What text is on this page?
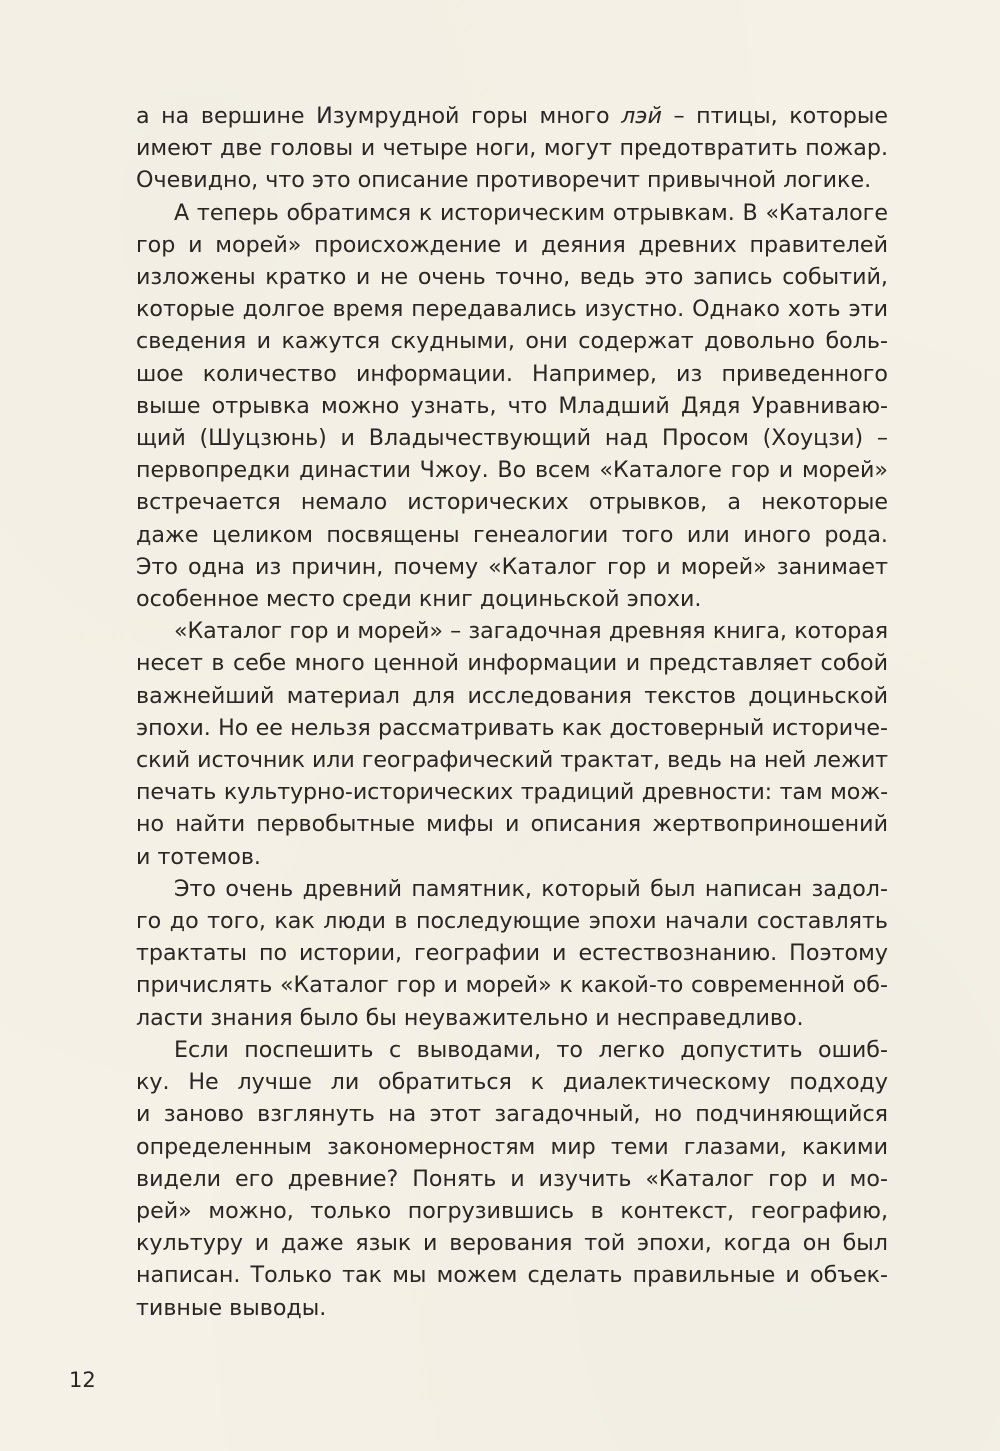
а на вершине Изумрудной горы много лэй – птицы, которые
имеют две головы и четыре ноги, могут предотвратить пожар.
Очевидно, что это описание противоречит привычной логике.
А теперь обратимся к историческим отрывкам. В «Каталоге
гор и морей» происхождение и деяния древних правителей
изложены кратко и не очень точно, ведь это запись событий,
которые долгое время передавались изустно. Однако хоть эти
сведения и кажутся скудными, они содержат довольно боль-
шое количество информации. Например, из приведенного
выше отрывка можно узнать, что Младший Дядя Уравниваю-
щий (Шуцзюнь) и Владычествующий над Просом (Хоуцзи) –
первопредки династии Чжоу. Во всем «Каталоге гор и морей»
встречается немало исторических отрывков, а некоторые
даже целиком посвящены генеалогии того или иного рода.
Это одна из причин, почему «Каталог гор и морей» занимает
особенное место среди книг доциньской эпохи.
«Каталог гор и морей» – загадочная древняя книга, которая
несет в себе много ценной информации и представляет собой
важнейший материал для исследования текстов доциньской
эпохи. Но ее нельзя рассматривать как достоверный историче-
ский источник или географический трактат, ведь на ней лежит
печать культурно-исторических традиций древности: там мож-
но найти первобытные мифы и описания жертвоприношений
и тотемов.
Это очень древний памятник, который был написан задол-
го до того, как люди в последующие эпохи начали составлять
трактаты по истории, географии и естествознанию. Поэтому
причислять «Каталог гор и морей» к какой-то современной об-
ласти знания было бы неуважительно и несправедливо.
Если поспешить с выводами, то легко допустить ошиб-
ку. Не лучше ли обратиться к диалектическому подходу
и заново взглянуть на этот загадочный, но подчиняющийся
определенным закономерностям мир теми глазами, какими
видели его древние? Понять и изучить «Каталог гор и мо-
рей» можно, только погрузившись в контекст, географию,
культуру и даже язык и верования той эпохи, когда он был
написан. Только так мы можем сделать правильные и объек-
тивные выводы.
12
